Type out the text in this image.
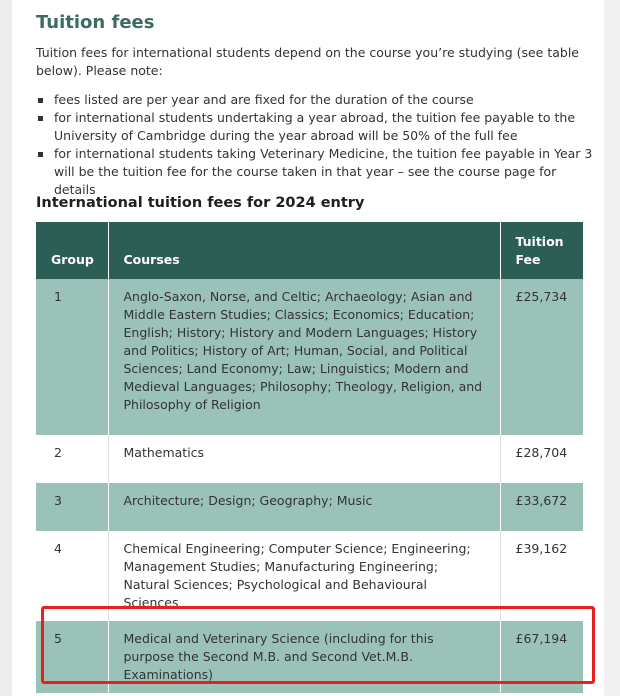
Tuition fees

Tuition fees for international students depend on the course you’re studying (see table below). Please note:

fees listed are per year and are fixed for the duration of the course
for international students undertaking a year abroad, the tuition fee payable to the University of Cambridge during the year abroad will be 50% of the full fee
for international students taking Veterinary Medicine, the tuition fee payable in Year 3 will be the tuition fee for the course taken in that year – see the course page for details
International tuition fees for 2024 entry
Group	Courses	Tuition Fee
1	Anglo-Saxon, Norse, and Celtic; Archaeology; Asian and Middle Eastern Studies; Classics; Economics; Education; English; History; History and Modern Languages; History and Politics; History of Art; Human, Social, and Political Sciences; Land Economy; Law; Linguistics; Modern and Medieval Languages; Philosophy; Theology, Religion, and Philosophy of Religion	£25,734
2	Mathematics	£28,704
3	Architecture; Design; Geography; Music	£33,672
4	Chemical Engineering; Computer Science; Engineering; Management Studies; Manufacturing Engineering; Natural Sciences; Psychological and Behavioural Sciences	£39,162
5	Medical and Veterinary Science (including for this purpose the Second M.B. and Second Vet.M.B. Examinations)	£67,194
